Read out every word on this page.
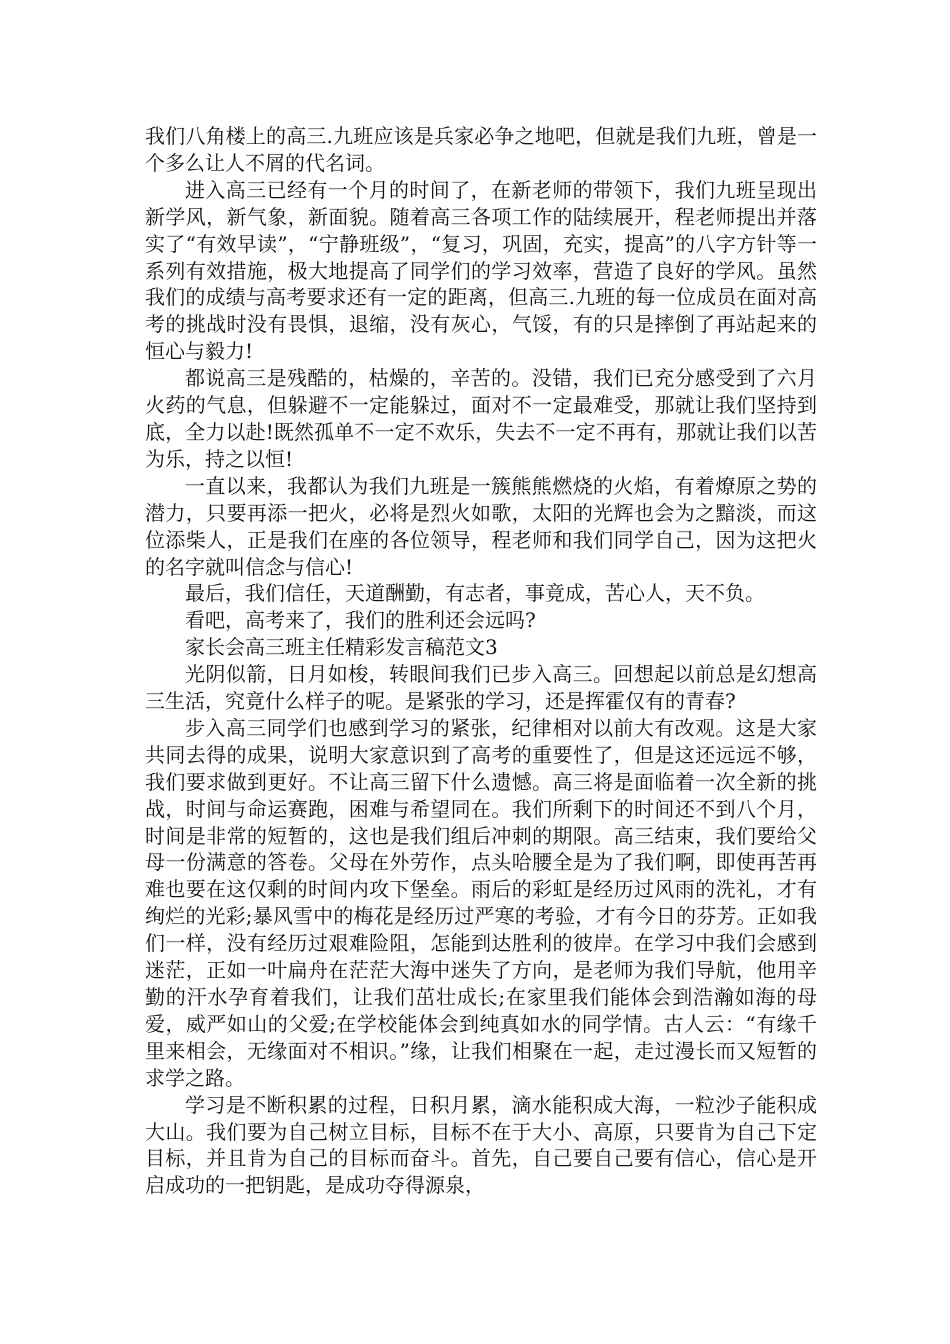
我们八角楼上的高三.九班应该是兵家必争之地吧，但就是我们九班，曾是一个多么让人不屑的代名词。

进入高三已经有一个月的时间了，在新老师的带领下，我们九班呈现出新学风，新气象，新面貌。随着高三各项工作的陆续展开，程老师提出并落实了“有效早读”，“宁静班级”，“复习，巩固，充实，提高”的八字方针等一系列有效措施，极大地提高了同学们的学习效率，营造了良好的学风。虽然我们的成绩与高考要求还有一定的距离，但高三.九班的每一位成员在面对高考的挑战时没有畏惧，退缩，没有灰心，气馁，有的只是摔倒了再站起来的恒心与毅力!

都说高三是残酷的，枯燥的，辛苦的。没错，我们已充分感受到了六月火药的气息，但躲避不一定能躲过，面对不一定最难受，那就让我们坚持到底，全力以赴!既然孤单不一定不欢乐，失去不一定不再有，那就让我们以苦为乐，持之以恒!

一直以来，我都认为我们九班是一簇熊熊燃烧的火焰，有着燎原之势的潜力，只要再添一把火，必将是烈火如歌，太阳的光辉也会为之黯淡，而这位添柴人，正是我们在座的各位领导，程老师和我们同学自己，因为这把火的名字就叫信念与信心!

最后，我们信任，天道酬勤，有志者，事竟成，苦心人，天不负。

看吧，高考来了，我们的胜利还会远吗?

家长会高三班主任精彩发言稿范文3

光阴似箭，日月如梭，转眼间我们已步入高三。回想起以前总是幻想高三生活，究竟什么样子的呢。是紧张的学习，还是挥霍仅有的青春?

步入高三同学们也感到学习的紧张，纪律相对以前大有改观。这是大家共同去得的成果，说明大家意识到了高考的重要性了，但是这还远远不够，我们要求做到更好。不让高三留下什么遗憾。高三将是面临着一次全新的挑战，时间与命运赛跑，困难与希望同在。我们所剩下的时间还不到八个月，时间是非常的短暂的，这也是我们组后冲刺的期限。高三结束，我们要给父母一份满意的答卷。父母在外劳作，点头哈腰全是为了我们啊，即使再苦再难也要在这仅剩的时间内攻下堡垒。雨后的彩虹是经历过风雨的洗礼，才有绚烂的光彩;暴风雪中的梅花是经历过严寒的考验，才有今日的芬芳。正如我们一样，没有经历过艰难险阻，怎能到达胜利的彼岸。在学习中我们会感到迷茫，正如一叶扁舟在茫茫大海中迷失了方向，是老师为我们导航，他用辛勤的汗水孕育着我们，让我们茁壮成长;在家里我们能体会到浩瀚如海的母爱，威严如山的父爱;在学校能体会到纯真如水的同学情。古人云：“有缘千里来相会，无缘面对不相识。”缘，让我们相聚在一起，走过漫长而又短暂的求学之路。

学习是不断积累的过程，日积月累，滴水能积成大海，一粒沙子能积成大山。我们要为自己树立目标，目标不在于大小、高原，只要肯为自己下定目标，并且肯为自己的目标而奋斗。首先，自己要自己要有信心，信心是开启成功的一把钥匙，是成功夺得源泉，
